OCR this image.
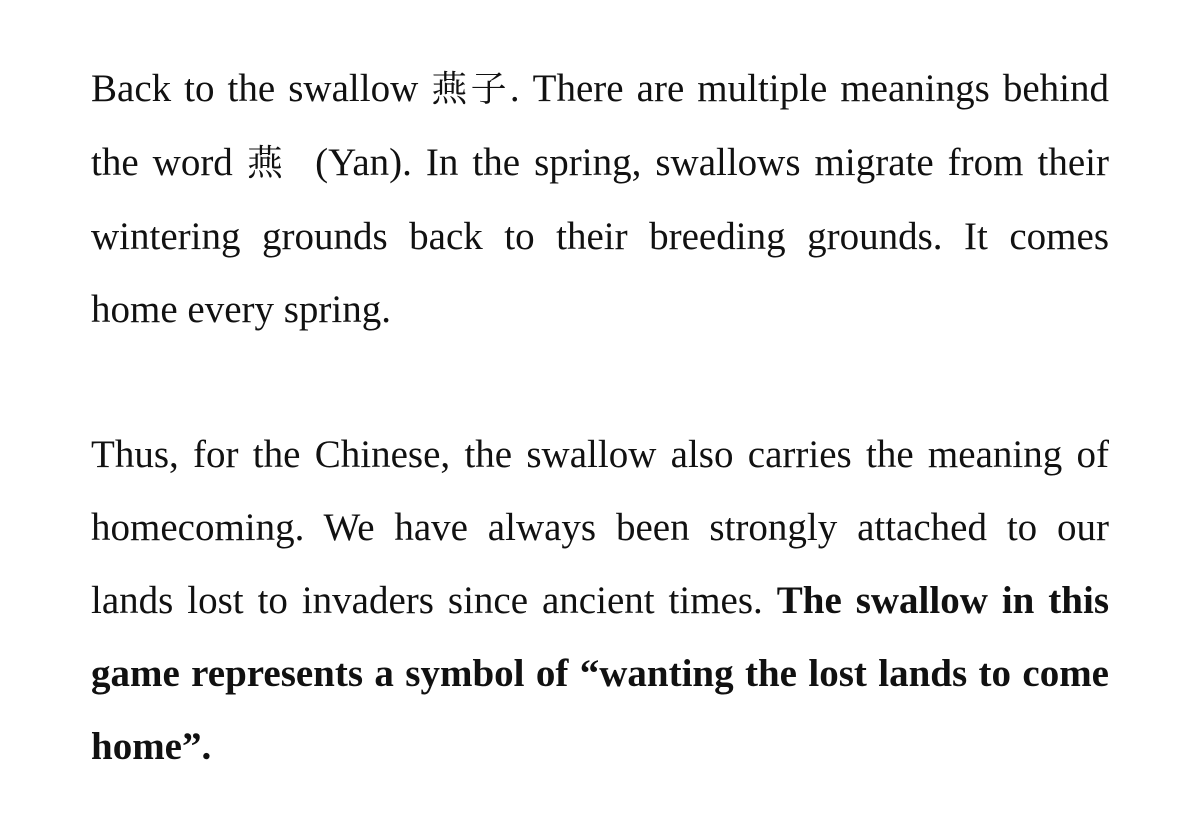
Back to the swallow 燕子. There are multiple meanings behind the word 燕  (Yan). In the spring, swallows migrate from their wintering grounds back to their breeding grounds. It comes home every spring.
Thus, for the Chinese, the swallow also carries the meaning of homecoming. We have always been strongly attached to our lands lost to invaders since ancient times. The swallow in this game represents a symbol of “wanting the lost lands to come home”.
